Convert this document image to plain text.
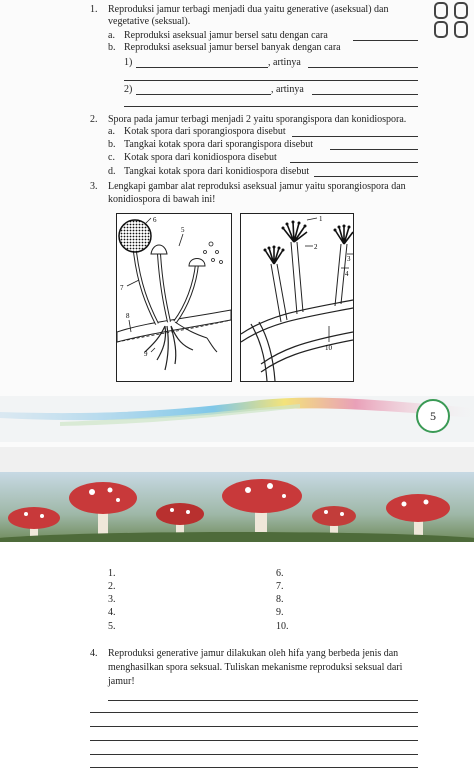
1. Reproduksi jamur terbagi menjadi dua yaitu generative (aseksual) dan
vegetative (seksual).
a. Reproduksi aseksual jamur bersel satu dengan cara
b. Reproduksi aseksual jamur bersel banyak dengan cara
1)	, artinya
2)	, artinya
2. Spora pada jamur terbagi menjadi 2 yaitu sporangispora dan konidiospora.
a. Kotak spora dari sporangiospora disebut
b. Tangkai kotak spora dari sporangispora disebut
c. Kotak spora dari konidiospora disebut
d. Tangkai kotak spora dari konidiospora disebut
3. Lengkapi gambar alat reproduksi aseksual jamur yaitu sporangiospora dan
konidiospora di bawah ini!
6
5
7
8
9
1
2
3
4
10
5
1.
2.
3.
4.
5.
6.
7.
8.
9.
10.
4. Reproduksi generative jamur dilakukan oleh hifa yang berbeda jenis dan
menghasilkan spora seksual. Tuliskan mekanisme reproduksi seksual dari
jamur!
